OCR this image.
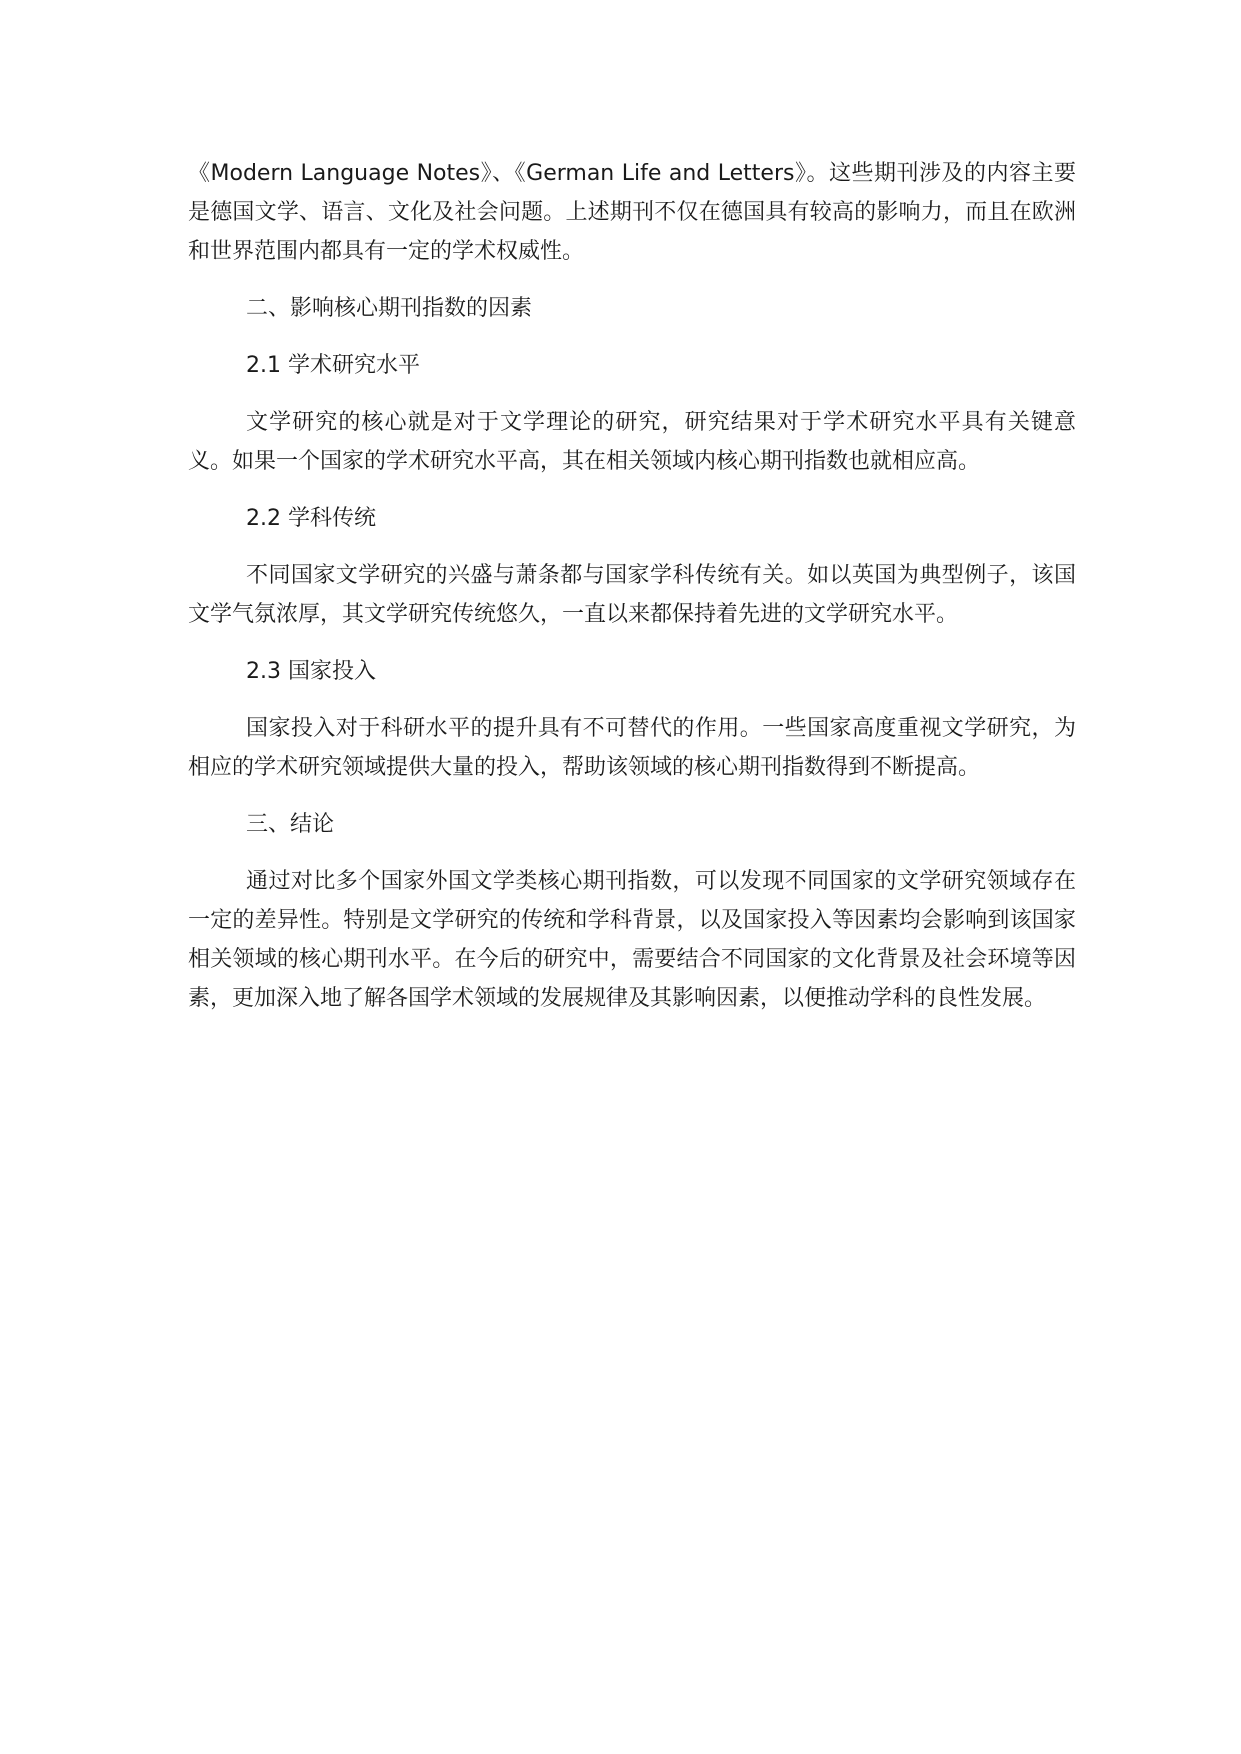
《Modern Language Notes》、《German Life and Letters》。这些期刊涉及的内容主要是德国文学、语言、文化及社会问题。上述期刊不仅在德国具有较高的影响力，而且在欧洲和世界范围内都具有一定的学术权威性。

二、影响核心期刊指数的因素

2.1 学术研究水平

文学研究的核心就是对于文学理论的研究，研究结果对于学术研究水平具有关键意义。如果一个国家的学术研究水平高，其在相关领域内核心期刊指数也就相应高。

2.2 学科传统

不同国家文学研究的兴盛与萧条都与国家学科传统有关。如以英国为典型例子，该国文学气氛浓厚，其文学研究传统悠久，一直以来都保持着先进的文学研究水平。

2.3 国家投入

国家投入对于科研水平的提升具有不可替代的作用。一些国家高度重视文学研究，为相应的学术研究领域提供大量的投入，帮助该领域的核心期刊指数得到不断提高。

三、结论

通过对比多个国家外国文学类核心期刊指数，可以发现不同国家的文学研究领域存在一定的差异性。特别是文学研究的传统和学科背景，以及国家投入等因素均会影响到该国家相关领域的核心期刊水平。在今后的研究中，需要结合不同国家的文化背景及社会环境等因素，更加深入地了解各国学术领域的发展规律及其影响因素，以便推动学科的良性发展。
